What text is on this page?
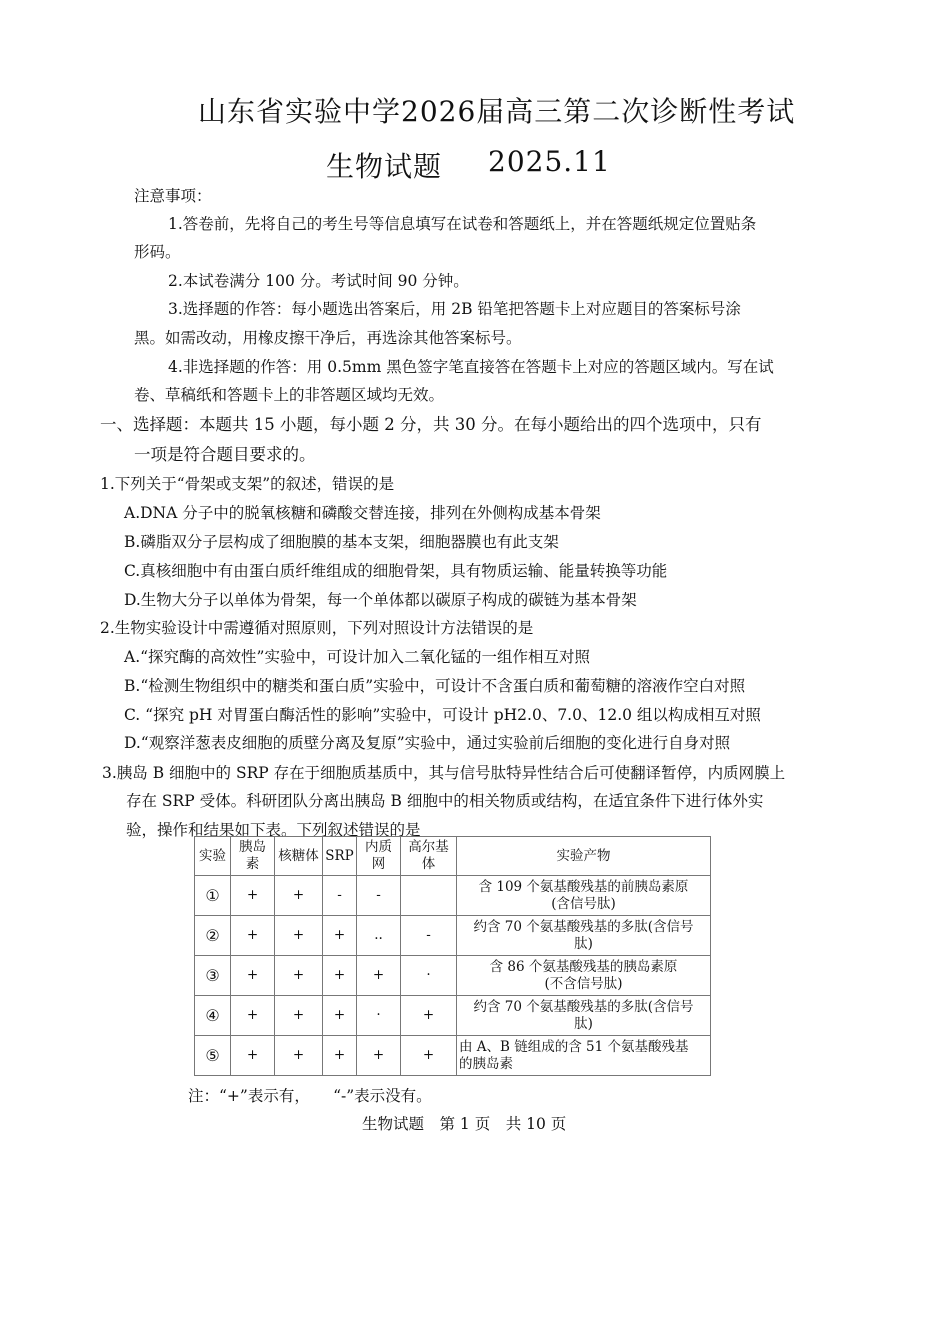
山东省实验中学2026届高三第二次诊断性考试
生物试题 2025.11
注意事项：
1.答卷前，先将自己的考生号等信息填写在试卷和答题纸上，并在答题纸规定位置贴条
形码。
2.本试卷满分 100 分。考试时间 90 分钟。
3.选择题的作答：每小题选出答案后，用 2B 铅笔把答题卡上对应题目的答案标号涂
黑。如需改动，用橡皮擦干净后，再选涂其他答案标号。
4.非选择题的作答：用 0.5mm 黑色签字笔直接答在答题卡上对应的答题区域内。写在试
卷、草稿纸和答题卡上的非答题区域均无效。
一、选择题：本题共 15 小题，每小题 2 分，共 30 分。在每小题给出的四个选项中，只有
一项是符合题目要求的。
1.下列关于“骨架或支架”的叙述，错误的是
A.DNA 分子中的脱氧核糖和磷酸交替连接，排列在外侧构成基本骨架
B.磷脂双分子层构成了细胞膜的基本支架，细胞器膜也有此支架
C.真核细胞中有由蛋白质纤维组成的细胞骨架，具有物质运输、能量转换等功能
D.生物大分子以单体为骨架，每一个单体都以碳原子构成的碳链为基本骨架
2.生物实验设计中需遵循对照原则，下列对照设计方法错误的是
A.“探究酶的高效性”实验中，可设计加入二氧化锰的一组作相互对照
B.“检测生物组织中的糖类和蛋白质”实验中，可设计不含蛋白质和葡萄糖的溶液作空白对照
C. “探究 pH 对胃蛋白酶活性的影响”实验中，可设计 pH2.0、7.0、12.0 组以构成相互对照
D.“观察洋葱表皮细胞的质壁分离及复原”实验中，通过实验前后细胞的变化进行自身对照
3.胰岛 B 细胞中的 SRP 存在于细胞质基质中，其与信号肽特异性结合后可使翻译暂停，内质网膜上
存在 SRP 受体。科研团队分离出胰岛 B 细胞中的相关物质或结构，在适宜条件下进行体外实
验，操作和结果如下表。下列叙述错误的是
实验	胰岛
素	核糖体	SRP	内质
网	高尔基
体	实验产物
①	+	+	-	-		含 109 个氨基酸残基的前胰岛素原
(含信号肽)
②	+	+	+	..	-	约含 70 个氨基酸残基的多肽(含信号
肽)
③	+	+	+	+	·	含 86 个氨基酸残基的胰岛素原
(不含信号肽)
④	+	+	+	·	+	约含 70 个氨基酸残基的多肽(含信号
肽)
⑤	+	+	+	+	+	由 A、B 链组成的含 51 个氨基酸残基
的胰岛素
注：“+”表示有，　　“-”表示没有。
生物试题　第 1 页　共 10 页
